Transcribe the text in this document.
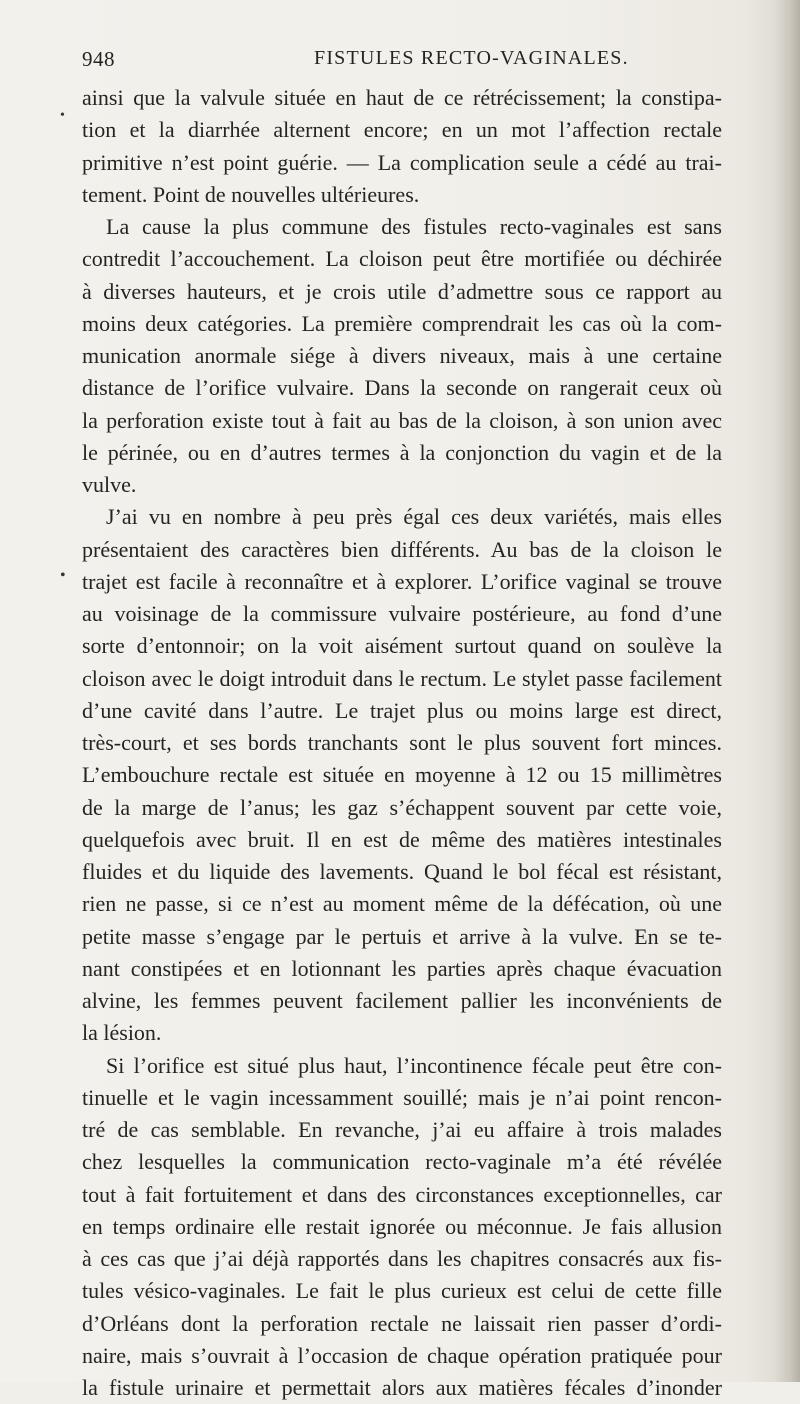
948	FISTULES RECTO-VAGINALES.
•
•
ainsi que la valvule située en haut de ce rétrécissement; la constipa-
tion et la diarrhée alternent encore; en un mot l’affection rectale
primitive n’est point guérie. — La complication seule a cédé au trai-
tement. Point de nouvelles ultérieures.
La cause la plus commune des fistules recto-vaginales est sans
contredit l’accouchement. La cloison peut être mortifiée ou déchirée
à diverses hauteurs, et je crois utile d’admettre sous ce rapport au
moins deux catégories. La première comprendrait les cas où la com-
munication anormale siége à divers niveaux, mais à une certaine
distance de l’orifice vulvaire. Dans la seconde on rangerait ceux où
la perforation existe tout à fait au bas de la cloison, à son union avec
le périnée, ou en d’autres termes à la conjonction du vagin et de la
vulve.
J’ai vu en nombre à peu près égal ces deux variétés, mais elles
présentaient des caractères bien différents. Au bas de la cloison le
trajet est facile à reconnaître et à explorer. L’orifice vaginal se trouve
au voisinage de la commissure vulvaire postérieure, au fond d’une
sorte d’entonnoir; on la voit aisément surtout quand on soulève la
cloison avec le doigt introduit dans le rectum. Le stylet passe facilement
d’une cavité dans l’autre. Le trajet plus ou moins large est direct,
très-court, et ses bords tranchants sont le plus souvent fort minces.
L’embouchure rectale est située en moyenne à 12 ou 15 millimètres
de la marge de l’anus; les gaz s’échappent souvent par cette voie,
quelquefois avec bruit. Il en est de même des matières intestinales
fluides et du liquide des lavements. Quand le bol fécal est résistant,
rien ne passe, si ce n’est au moment même de la défécation, où une
petite masse s’engage par le pertuis et arrive à la vulve. En se te-
nant constipées et en lotionnant les parties après chaque évacuation
alvine, les femmes peuvent facilement pallier les inconvénients de
la lésion.
Si l’orifice est situé plus haut, l’incontinence fécale peut être con-
tinuelle et le vagin incessamment souillé; mais je n’ai point rencon-
tré de cas semblable. En revanche, j’ai eu affaire à trois malades
chez lesquelles la communication recto-vaginale m’a été révélée
tout à fait fortuitement et dans des circonstances exceptionnelles, car
en temps ordinaire elle restait ignorée ou méconnue. Je fais allusion
à ces cas que j’ai déjà rapportés dans les chapitres consacrés aux fis-
tules vésico-vaginales. Le fait le plus curieux est celui de cette fille
d’Orléans dont la perforation rectale ne laissait rien passer d’ordi-
naire, mais s’ouvrait à l’occasion de chaque opération pratiquée pour
la fistule urinaire et permettait alors aux matières fécales d’inonder
